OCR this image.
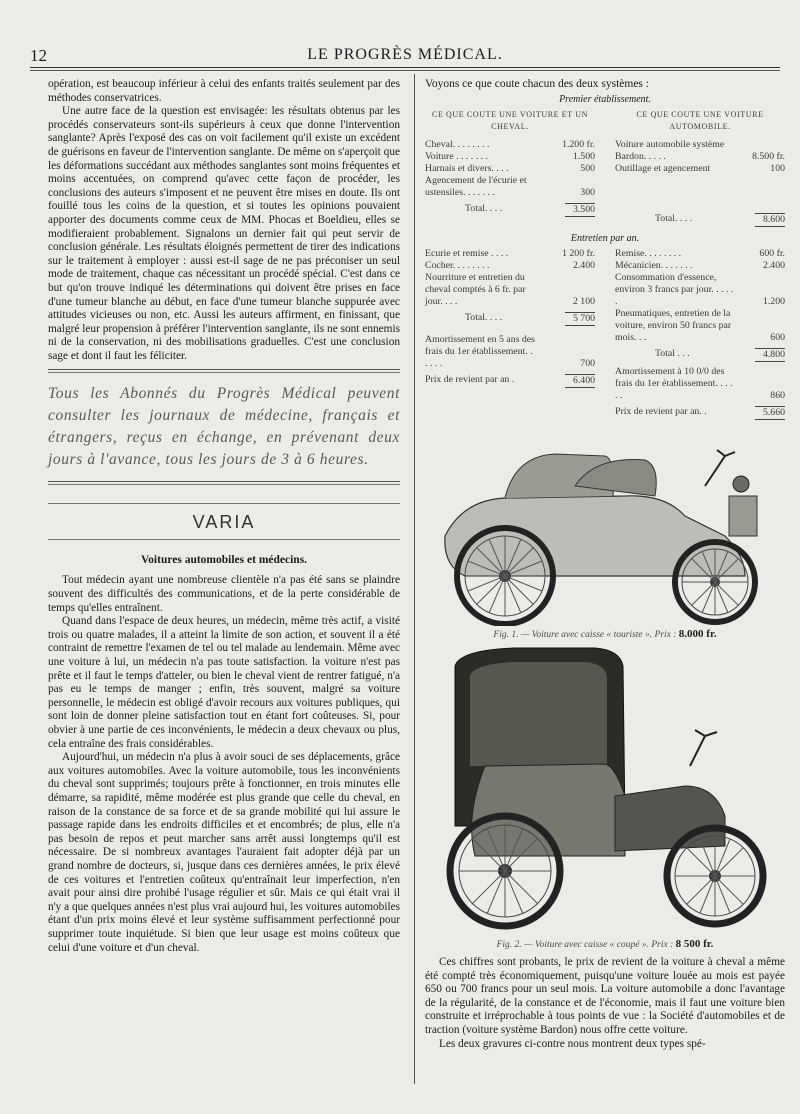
12	LE PROGRÈS MÉDICAL.

opération, est beaucoup inférieur à celui des enfants traités seulement par des méthodes conservatrices.

Une autre face de la question est envisagée: les résultats obtenus par les procédés conservateurs sont-ils supérieurs à ceux que donne l'intervention sanglante? Après l'exposé des cas on voit facilement qu'il existe un excédent de guérisons en faveur de l'intervention sanglante. De même on s'aperçoit que les déformations succédant aux méthodes sanglantes sont moins fréquentes et moins accentuées, on comprend qu'avec cette façon de procéder, les conclusions des auteurs s'imposent et ne peuvent être mises en doute. Ils ont fouillé tous les coins de la question, et si toutes les opinions pouvaient apporter des documents comme ceux de MM. Phocas et Boeldieu, elles se modifieraient probablement. Signalons un dernier fait qui peut servir de conclusion générale. Les résultats éloignés permettent de tirer des indications sur le traitement à employer : aussi est-il sage de ne pas préconiser un seul mode de traitement, chaque cas nécessitant un procédé spécial. C'est dans ce but qu'on trouve indiqué les déterminations qui doivent être prises en face d'une tumeur blanche au début, en face d'une tumeur blanche suppurée avec attitudes vicieuses ou non, etc. Aussi les auteurs affirment, en finissant, que malgré leur propension à préférer l'intervention sanglante, ils ne sont ennemis ni de la conservation, ni des mobilisations graduelles. C'est une conclusion sage et dont il faut les féliciter.

Tous les Abonnés du Progrès Médical peuvent consulter les journaux de médecine, français et étrangers, reçus en échange, en prévenant deux jours à l'avance, tous les jours de 3 à 6 heures.

VARIA
Voitures automobiles et médecins.

Tout médecin ayant une nombreuse clientèle n'a pas été sans se plaindre souvent des difficultés des communications, et de la perte considérable de temps qu'elles entraînent.

Quand dans l'espace de deux heures, un médecin, même très actif, a visité trois ou quatre malades, il a atteint la limite de son action, et souvent il a été contraint de remettre l'examen de tel ou tel malade au lendemain. Même avec une voiture à lui, un médecin n'a pas toute satisfaction. la voiture n'est pas prête et il faut le temps d'atteler, ou bien le cheval vient de rentrer fatigué, n'a pas eu le temps de manger ; enfin, très souvent, malgré sa voiture personnelle, le médecin est obligé d'avoir recours aux voitures publiques, qui sont loin de donner pleine satisfaction tout en étant fort coûteuses. Si, pour obvier à une partie de ces inconvénients, le médecin a deux chevaux ou plus, cela entraîne des frais considérables.

Aujourd'hui, un médecin n'a plus à avoir souci de ses déplacements, grâce aux voitures automobiles. Avec la voiture automobile, tous les inconvénients du cheval sont supprimés; toujours prête à fonctionner, en trois minutes elle démarre, sa rapidité, même modérée est plus grande que celle du cheval, en raison de la constance de sa force et de sa grande mobilité qui lui assure le passage rapide dans les endroits difficiles et et encombrés; de plus, elle n'a pas besoin de repos et peut marcher sans arrêt aussi longtemps qu'il est nécessaire. De si nombreux avantages l'auraient fait adopter déjà par un grand nombre de docteurs, si, jusque dans ces dernières années, le prix élevé de ces voitures et l'entretien coûteux qu'entraînait leur imperfection, n'en avait pour ainsi dire prohibé l'usage régulier et sûr. Mais ce qui était vrai il n'y a que quelques années n'est plus vrai aujourd hui, les voitures automobiles étant d'un prix moins élevé et leur système suffisamment perfectionné pour supprimer toute inquiétude. Si bien que leur usage est moins coûteux que celui d'une voiture et d'un cheval.

Voyons ce que coute chacun des deux systèmes :

Premier établissement.
CE QUE COUTE UNE VOITURE ET UN CHEVAL.
Cheval. . . . . . . .	1.200 fr.
Voiture . . . . . . .	1.500
Harnais et divers. . . .	500
Agencement de l'écurie et ustensiles. . . . . . .	300
Total. . . .	3.500
CE QUE COUTE UNE VOITURE AUTOMOBILE.
Voiture automobile système Bardon. . . . .	8.500 fr.
Outillage et agencement	100
Total. . . .	8.600
Entretien par an.
Ecurie et remise . . . .	1 200 fr.
Cocher. . . . . . . .	2.400
Nourriture et entretien du cheval comptés à 6 fr. par jour. . . .	2 100
Total. . . .	5 700
Amortissement en 5 ans des frais du 1er établissement. . . . . .	700
Prix de revient par an .	6.400
Remise. . . . . . . .	600 fr.
Mécanicien. . . . . . .	2.400
Consommation d'essence, environ 3 francs par jour. . . . . .	1.200
Pneumatiques, entretien de la voiture, environ 50 francs par mois. . .	600
Total . . .	4.800
Amortissement à 10 0/0 des frais du 1er établissement. . . . . .	860
Prix de revient par an. .	5.660
Fig. 1. — Voiture avec caisse « touriste ». Prix : 8.000 fr.
Fig. 2. — Voiture avec caisse « coupé ». Prix : 8 500 fr.

Ces chiffres sont probants, le prix de revient de la voiture à cheval a même été compté très économiquement, puisqu'une voiture louée au mois est payée 650 ou 700 francs pour un seul mois. La voiture automobile a donc l'avantage de la régularité, de la constance et de l'économie, mais il faut une voiture bien construite et irréprochable à tous points de vue : la Société d'automobiles et de traction (voiture système Bardon) nous offre cette voiture.

Les deux gravures ci-contre nous montrent deux types spé-
